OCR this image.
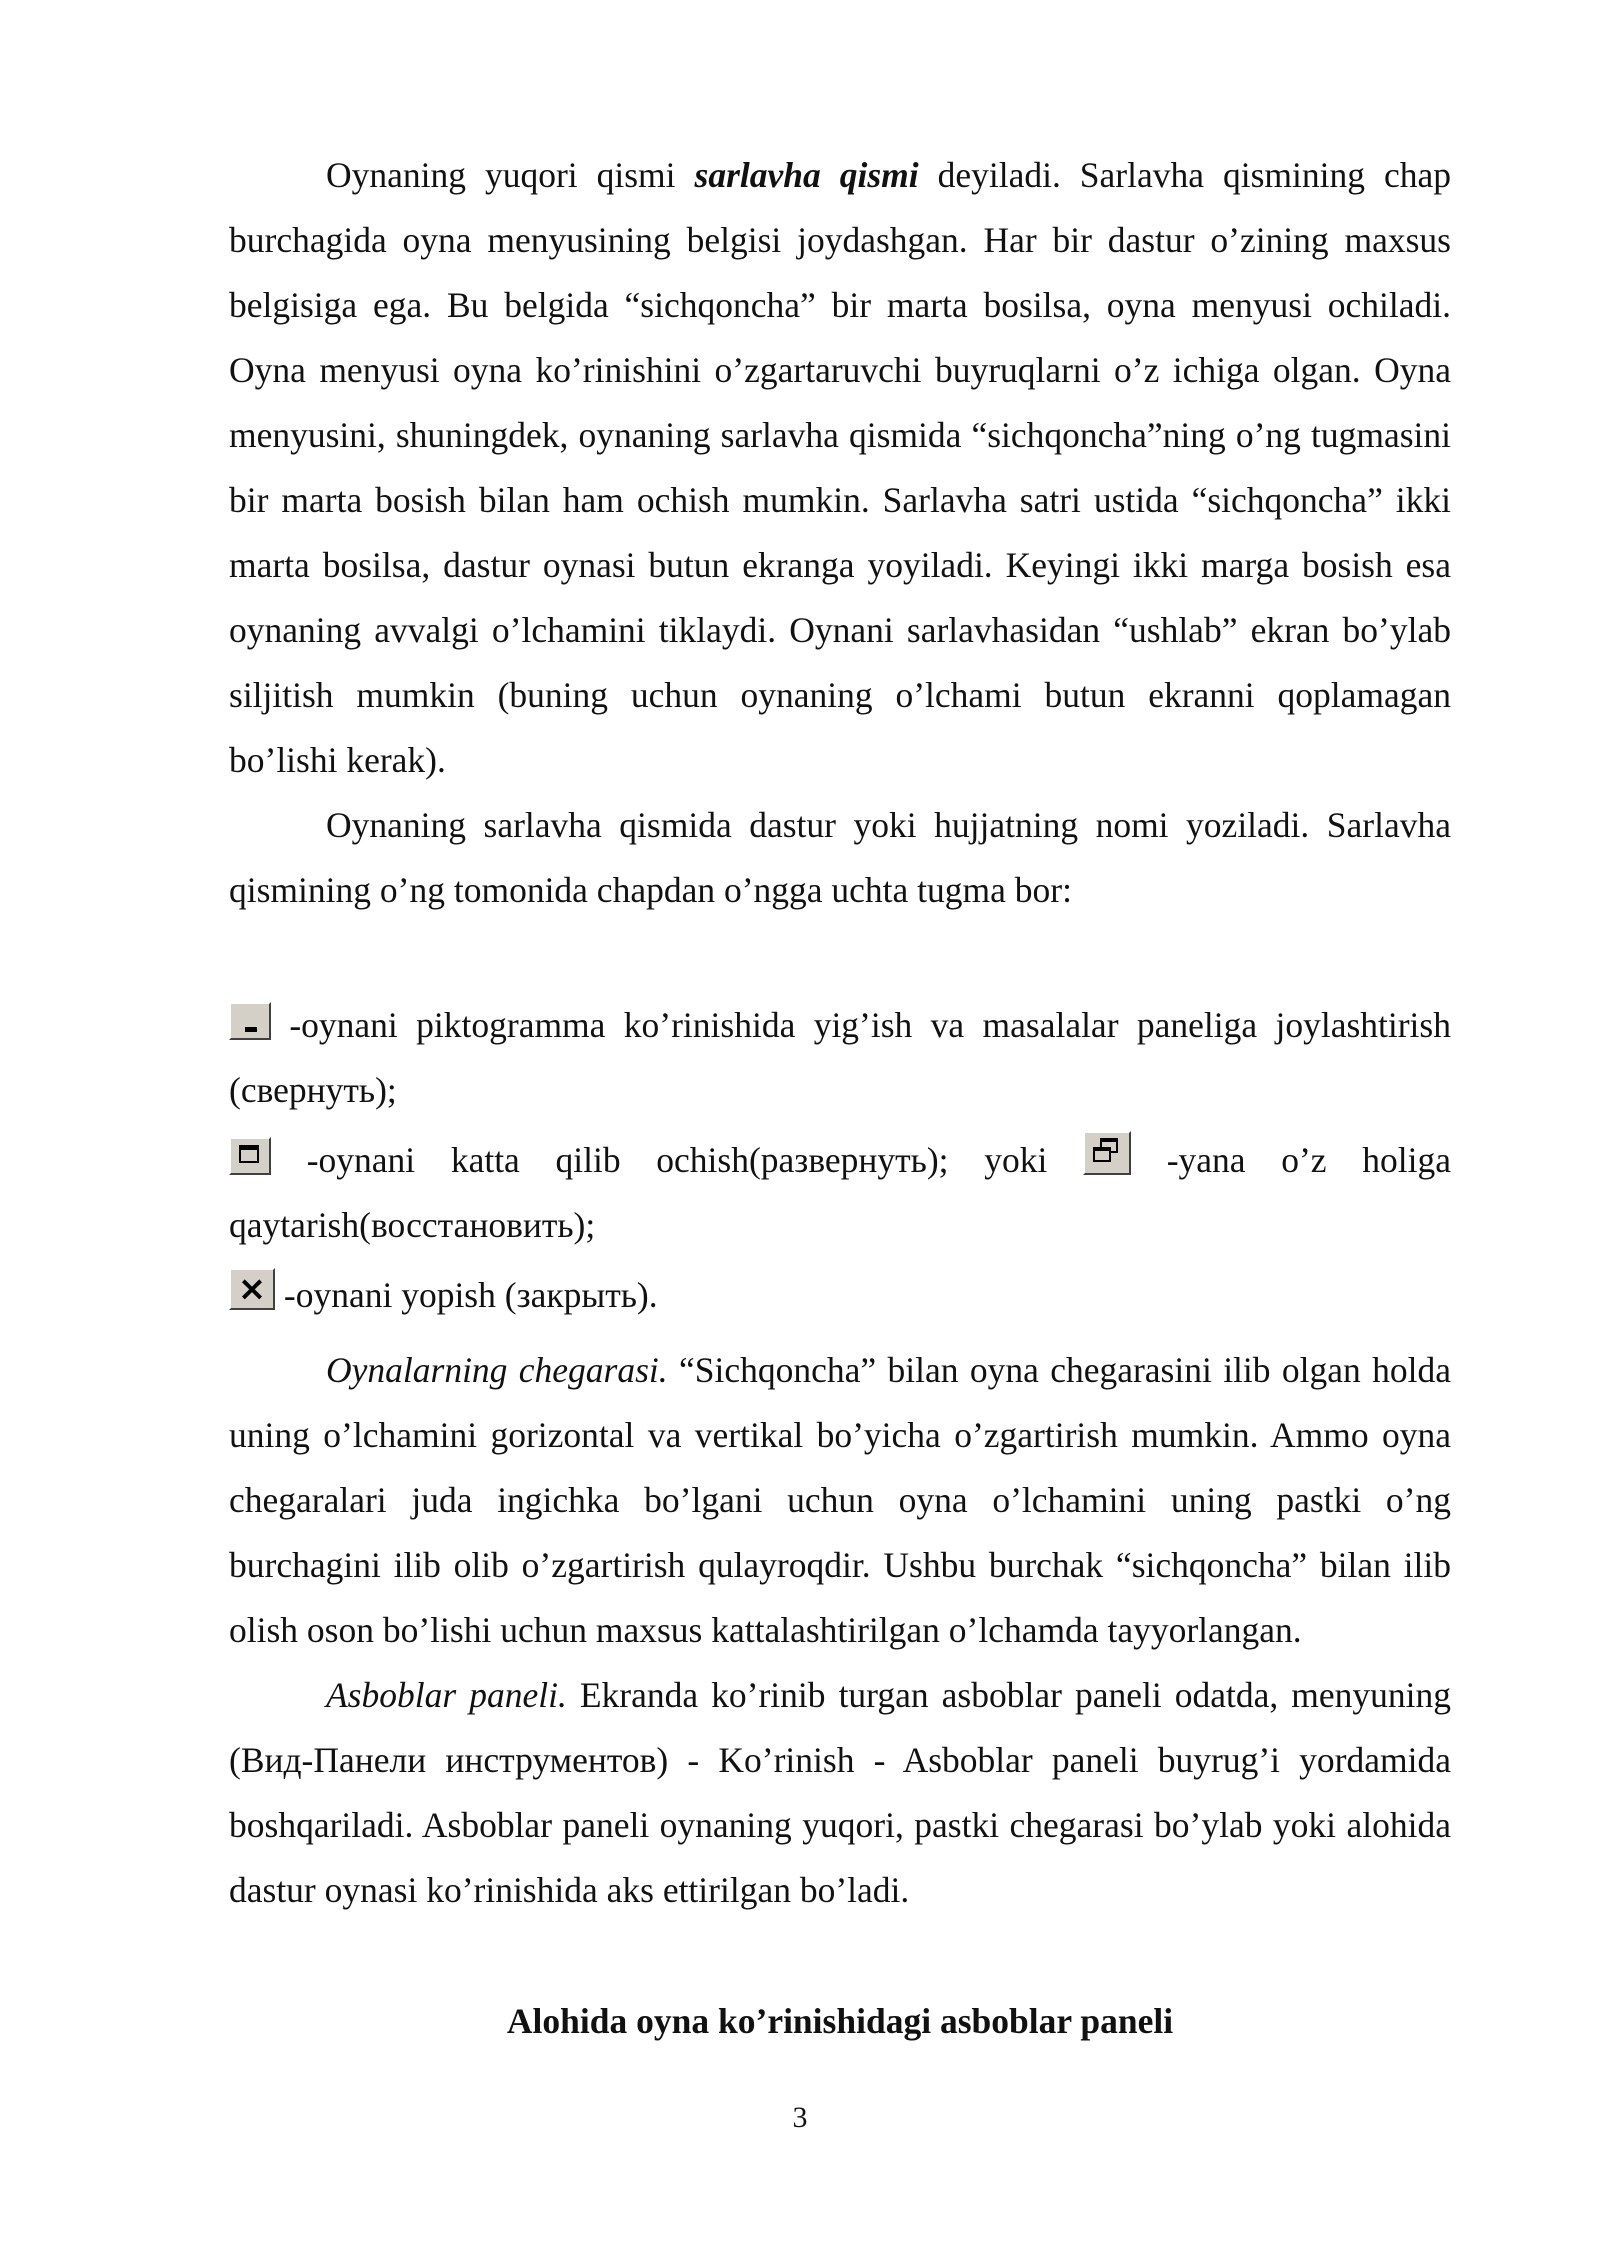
Oynaning yuqori qismi sarlavha qismi deyiladi. Sarlavha qismining chap burchagida oyna menyusining belgisi joydashgan. Har bir dastur o’zining maxsus belgisiga ega. Bu belgida “sichqoncha” bir marta bosilsa, oyna menyusi ochiladi. Oyna menyusi oyna ko’rinishini o’zgartaruvchi buyruqlarni o’z ichiga olgan. Oyna menyusini, shuningdek, oynaning sarlavha qismida “sichqoncha”ning o’ng tugmasini bir marta bosish bilan ham ochish mumkin. Sarlavha satri ustida “sichqoncha” ikki marta bosilsa, dastur oynasi butun ekranga yoyiladi. Keyingi ikki marga bosish esa oynaning avvalgi o’lchamini tiklaydi. Oynani sarlavhasidan “ushlab” ekran bo’ylab siljitish mumkin (buning uchun oynaning o’lchami butun ekranni qoplamagan bo’lishi kerak).

Oynaning sarlavha qismida dastur yoki hujjatning nomi yoziladi. Sarlavha qismining o’ng tomonida chapdan o’ngga uchta tugma bor:

-oynani piktogramma ko’rinishida yig’ish va masalalar paneliga joylashtirish (свернуть);

-oynani katta qilib ochish(развернуть); yoki
-yana o’z holiga qaytarish(восстановить);

× -oynani yopish (закрыть).

Oynalarning chegarasi. “Sichqoncha” bilan oyna chegarasini ilib olgan holda uning o’lchamini gorizontal va vertikal bo’yicha o’zgartirish mumkin. Ammo oyna chegaralari juda ingichka bo’lgani uchun oyna o’lchamini uning pastki o’ng burchagini ilib olib o’zgartirish qulayroqdir. Ushbu burchak “sichqoncha” bilan ilib olish oson bo’lishi uchun maxsus kattalashtirilgan o’lchamda tayyorlangan.

Asboblar paneli. Ekranda ko’rinib turgan asboblar paneli odatda, menyuning (Вид-Панели инструментов) - Ko’rinish - Asboblar paneli buyrug’i yordamida boshqariladi. Asboblar paneli oynaning yuqori, pastki chegarasi bo’ylab yoki alohida dastur oynasi ko’rinishida aks ettirilgan bo’ladi.

Alohida oyna ko’rinishidagi asboblar paneli
3
